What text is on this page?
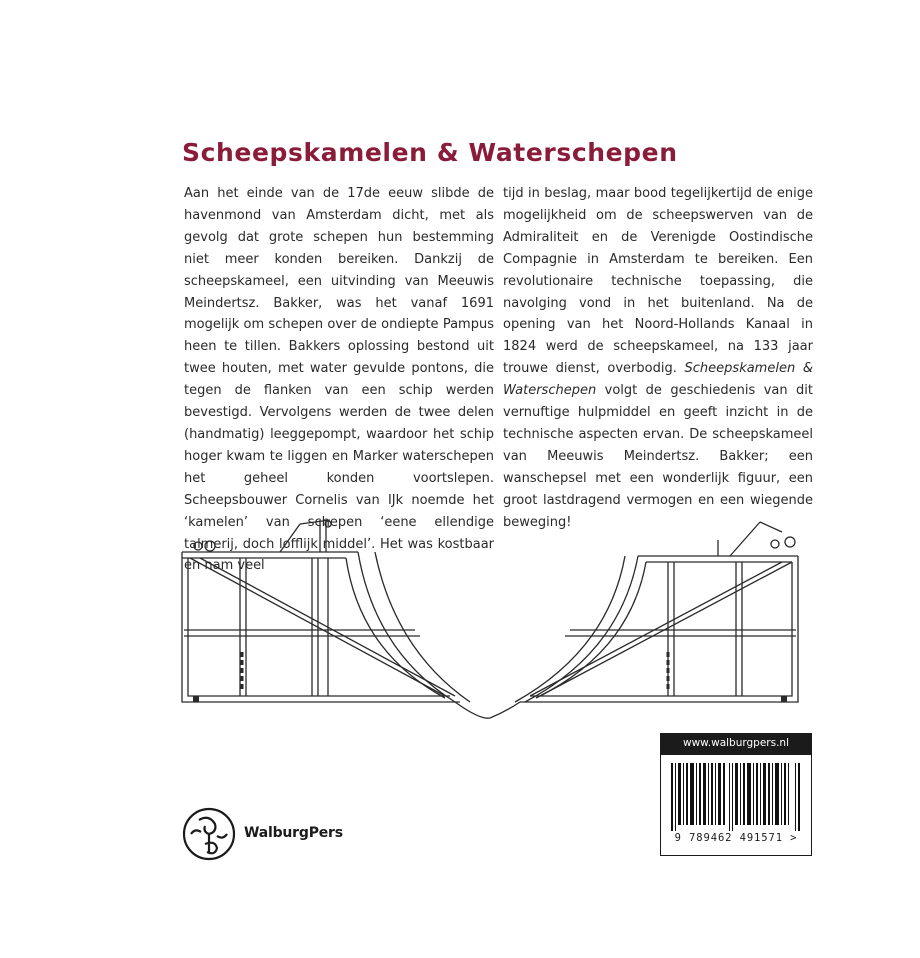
Scheepskamelen & Waterschepen

Aan het einde van de 17de eeuw slibde de havenmond van Amsterdam dicht, met als gevolg dat grote schepen hun bestemming niet meer konden bereiken. Dankzij de scheepskameel, een uitvinding van Meeuwis Meindertsz. Bakker, was het vanaf 1691 mogelijk om schepen over de ondiepte Pampus heen te tillen. Bakkers oplossing bestond uit twee houten, met water gevulde pontons, die tegen de flanken van een schip werden bevestigd. Vervolgens werden de twee delen (handmatig) leeggepompt, waardoor het schip hoger kwam te liggen en Marker waterschepen het geheel konden voortslepen. Scheepsbouwer Cornelis van IJk noemde het ‘kamelen’ van schepen ‘eene ellendige talmerij, doch lofflijk middel’. Het was kostbaar en nam veel

tijd in beslag, maar bood tegelijkertijd de enige mogelijkheid om de scheepswerven van de Admiraliteit en de Verenigde Oostindische Compagnie in Amsterdam te bereiken. Een revolutionaire technische toepassing, die navolging vond in het buitenland. Na de opening van het Noord-Hollands Kanaal in 1824 werd de scheepskameel, na 133 jaar trouwe dienst, overbodig. Scheepskamelen & Waterschepen volgt de geschiedenis van dit vernuftige hulpmiddel en geeft inzicht in de technische aspecten ervan. De scheepskameel van Meeuwis Meindertsz. Bakker; een wanschepsel met een wonderlijk figuur, een groot lastdragend vermogen en een wiegende beweging!

www.walburgpers.nl
9 789462 491571 >
WalburgPers
